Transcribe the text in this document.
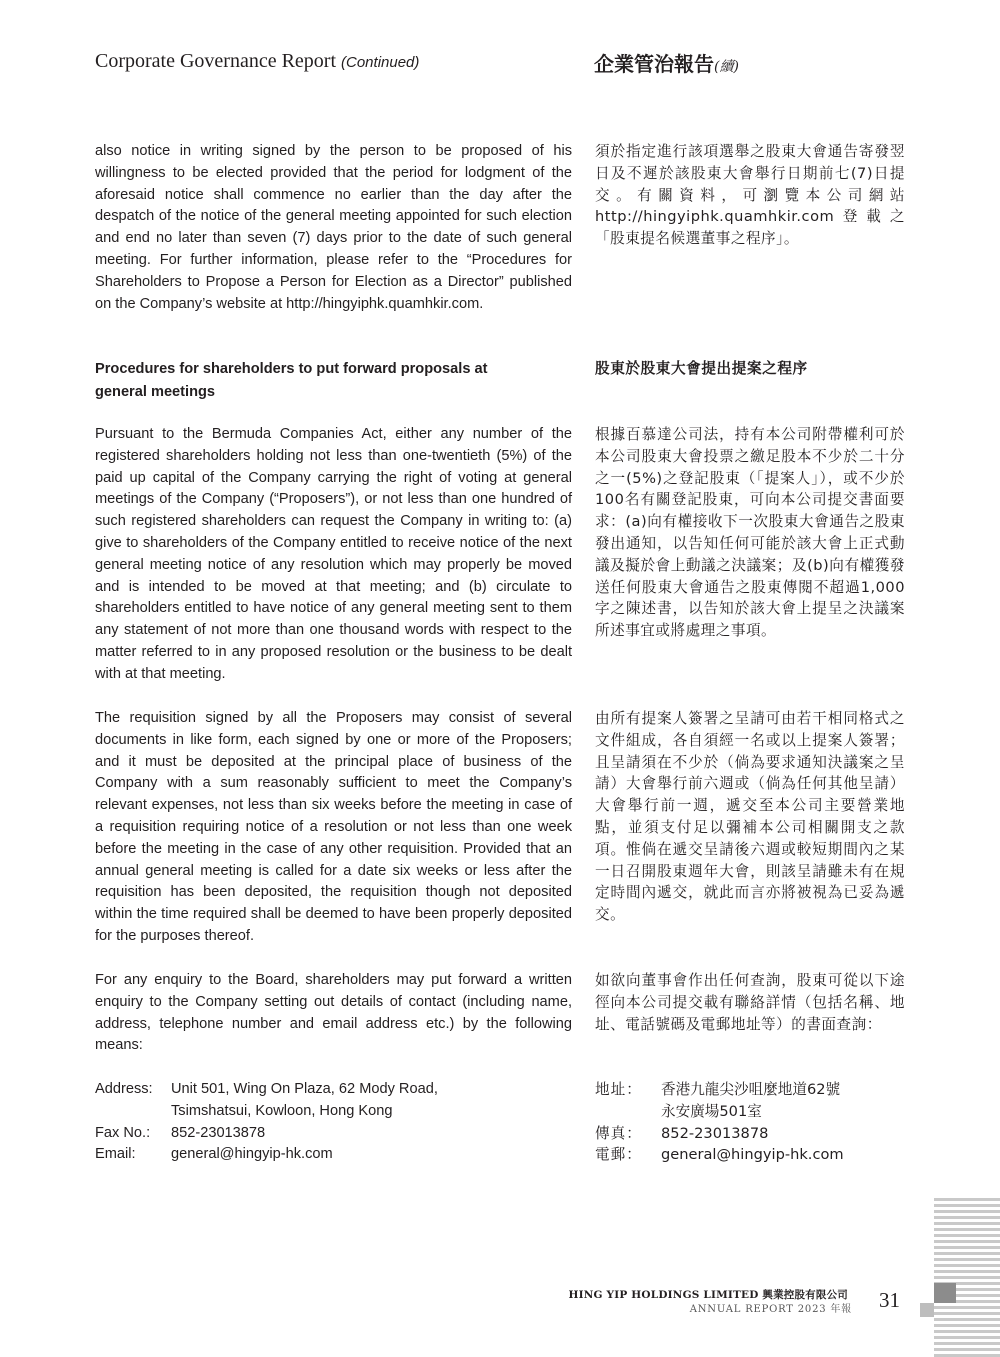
Corporate Governance Report (Continued)	企業管治報告(續)

also notice in writing signed by the person to be proposed of his willingness to be elected provided that the period for lodgment of the aforesaid notice shall commence no earlier than the day after the despatch of the notice of the general meeting appointed for such election and end no later than seven (7) days prior to the date of such general meeting. For further information, please refer to the “Procedures for Shareholders to Propose a Person for Election as a Director” published on the Company’s website at http://hingyiphk.quamhkir.com.

Procedures for shareholders to put forward proposals at general meetings

Pursuant to the Bermuda Companies Act, either any number of the registered shareholders holding not less than one-twentieth (5%) of the paid up capital of the Company carrying the right of voting at general meetings of the Company (“Proposers”), or not less than one hundred of such registered shareholders can request the Company in writing to: (a) give to shareholders of the Company entitled to receive notice of the next general meeting notice of any resolution which may properly be moved and is intended to be moved at that meeting; and (b) circulate to shareholders entitled to have notice of any general meeting sent to them any statement of not more than one thousand words with respect to the matter referred to in any proposed resolution or the business to be dealt with at that meeting.

The requisition signed by all the Proposers may consist of several documents in like form, each signed by one or more of the Proposers; and it must be deposited at the principal place of business of the Company with a sum reasonably sufficient to meet the Company’s relevant expenses, not less than six weeks before the meeting in case of a requisition requiring notice of a resolution or not less than one week before the meeting in the case of any other requisition. Provided that an annual general meeting is called for a date six weeks or less after the requisition has been deposited, the requisition though not deposited within the time required shall be deemed to have been properly deposited for the purposes thereof.

For any enquiry to the Board, shareholders may put forward a written enquiry to the Company setting out details of contact (including name, address, telephone number and email address etc.) by the following means:

須於指定進行該項選舉之股東大會通告寄發翌日及不遲於該股東大會舉行日期前七(7)日提交。有關資料，可瀏覽本公司網站http://hingyiphk.quamhkir.com登載之「股東提名候選董事之程序」。

股東於股東大會提出提案之程序

根據百慕達公司法，持有本公司附帶權利可於本公司股東大會投票之繳足股本不少於二十分之一(5%)之登記股東（「提案人」），或不少於100名有關登記股東，可向本公司提交書面要求：(a)向有權接收下一次股東大會通告之股東發出通知，以告知任何可能於該大會上正式動議及擬於會上動議之決議案；及(b)向有權獲發送任何股東大會通告之股東傳閱不超過1,000字之陳述書，以告知於該大會上提呈之決議案所述事宜或將處理之事項。

由所有提案人簽署之呈請可由若干相同格式之文件組成，各自須經一名或以上提案人簽署；且呈請須在不少於（倘為要求通知決議案之呈請）大會舉行前六週或（倘為任何其他呈請）大會舉行前一週，遞交至本公司主要營業地點，並須支付足以彌補本公司相關開支之款項。惟倘在遞交呈請後六週或較短期間內之某一日召開股東週年大會，則該呈請雖未有在規定時間內遞交，就此而言亦將被視為已妥為遞交。

如欲向董事會作出任何查詢，股東可從以下途徑向本公司提交載有聯絡詳情（包括名稱、地址、電話號碼及電郵地址等）的書面查詢：

Address:	Unit 501, Wing On Plaza, 62 Mody Road,
	Tsimshatsui, Kowloon, Hong Kong
Fax No.:	852-23013878
Email:	general@hingyip-hk.com
地址：	香港九龍尖沙咀麼地道62號
	永安廣場501室
傳真：	852-23013878
電郵：	general@hingyip-hk.com
HING YIP HOLDINGS LIMITED 興業控股有限公司
ANNUAL REPORT 2023 年報 31
